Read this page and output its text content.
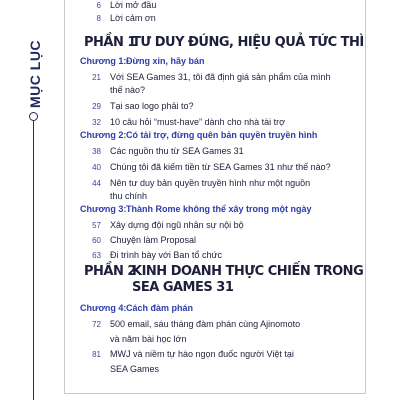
MỤC LỤC
6 Lời mở đầu
8 Lời cảm ơn
PHẦN 1
TƯ DUY ĐÚNG, HIỆU QUẢ TỨC THÌ
Chương 1: Đừng xin, hãy bán
21 Với SEA Games 31, tôi đã định giá sản phẩm của mình
thế nào?
29 Tại sao logo phải to?
32 10 câu hỏi “must-have” dành cho nhà tài trợ
Chương 2: Có tài trợ, đừng quên bản quyền truyền hình
38 Các nguồn thu từ SEA Games 31
40 Chúng tôi đã kiếm tiền từ SEA Games 31 như thế nào?
44 Nên tư duy bản quyền truyền hình như một nguồn
thu chính
Chương 3: Thành Rome không thể xây trong một ngày
57 Xây dựng đội ngũ nhân sự nội bộ
60 Chuyện làm Proposal
63 Đi trình bày với Ban tổ chức
PHẦN 2
KINH DOANH THỰC CHIẾN TRONG
SEA GAMES 31
Chương 4: Cách đàm phán
72 500 email, sáu tháng đàm phán cùng Ajinomoto
và năm bài học lớn
81 MWJ và niềm tự hào ngọn đuốc người Việt tại
SEA Games
